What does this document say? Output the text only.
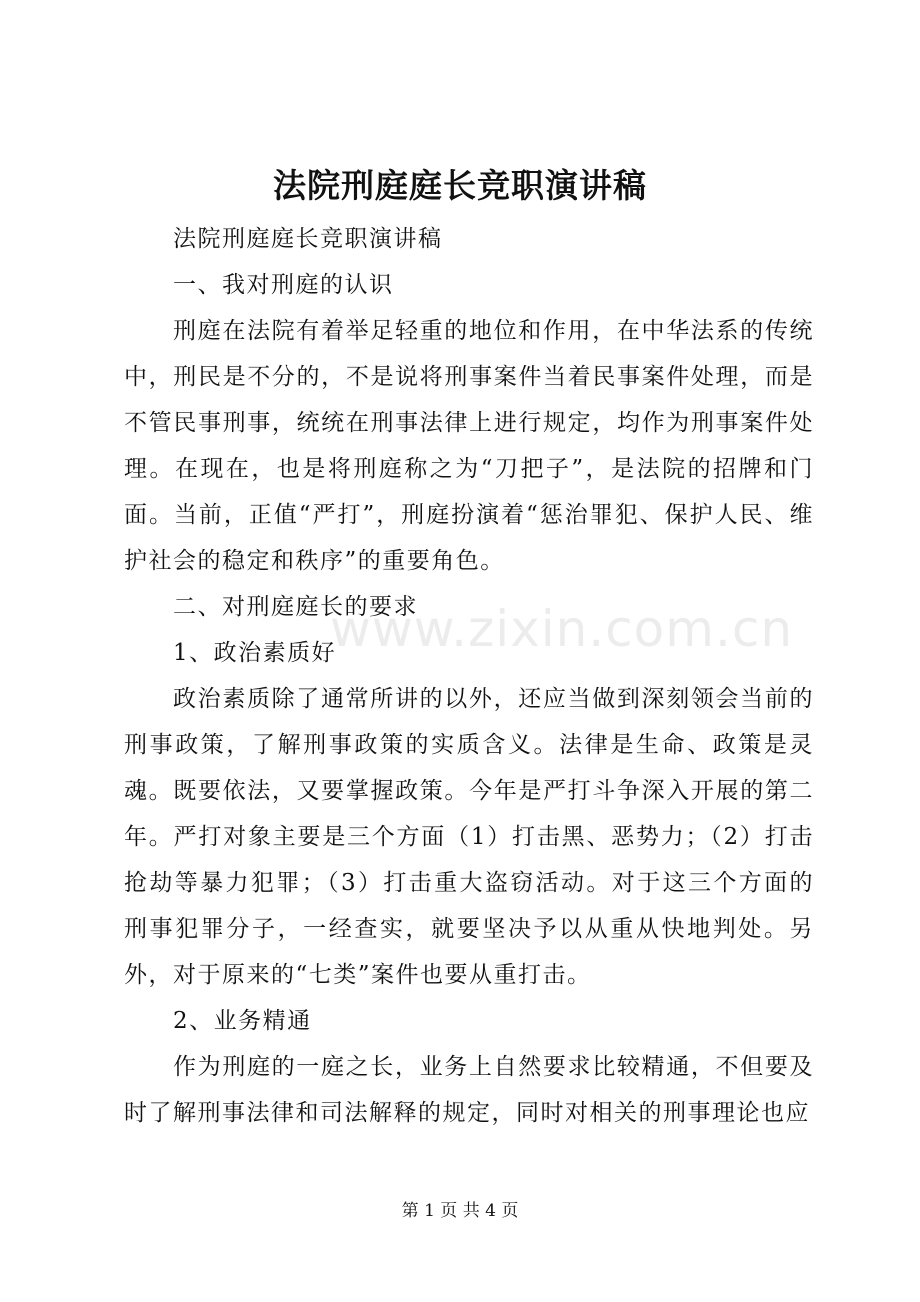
法院刑庭庭长竞职演讲稿

法院刑庭庭长竞职演讲稿

一、我对刑庭的认识

刑庭在法院有着举足轻重的地位和作用，在中华法系的传统中，刑民是不分的，不是说将刑事案件当着民事案件处理，而是不管民事刑事，统统在刑事法律上进行规定，均作为刑事案件处理。在现在，也是将刑庭称之为“刀把子”，是法院的招牌和门面。当前，正值“严打”，刑庭扮演着“惩治罪犯、保护人民、维护社会的稳定和秩序”的重要角色。

二、对刑庭庭长的要求

1、政治素质好

政治素质除了通常所讲的以外，还应当做到深刻领会当前的刑事政策，了解刑事政策的实质含义。法律是生命、政策是灵魂。既要依法，又要掌握政策。今年是严打斗争深入开展的第二年。严打对象主要是三个方面（1）打击黑、恶势力；（2）打击抢劫等暴力犯罪；（3）打击重大盗窃活动。对于这三个方面的刑事犯罪分子，一经查实，就要坚决予以从重从快地判处。另外，对于原来的“七类”案件也要从重打击。

2、业务精通

作为刑庭的一庭之长，业务上自然要求比较精通，不但要及时了解刑事法律和司法解释的规定，同时对相关的刑事理论也应

www.zixin.com.cn
第 1 页 共 4 页
